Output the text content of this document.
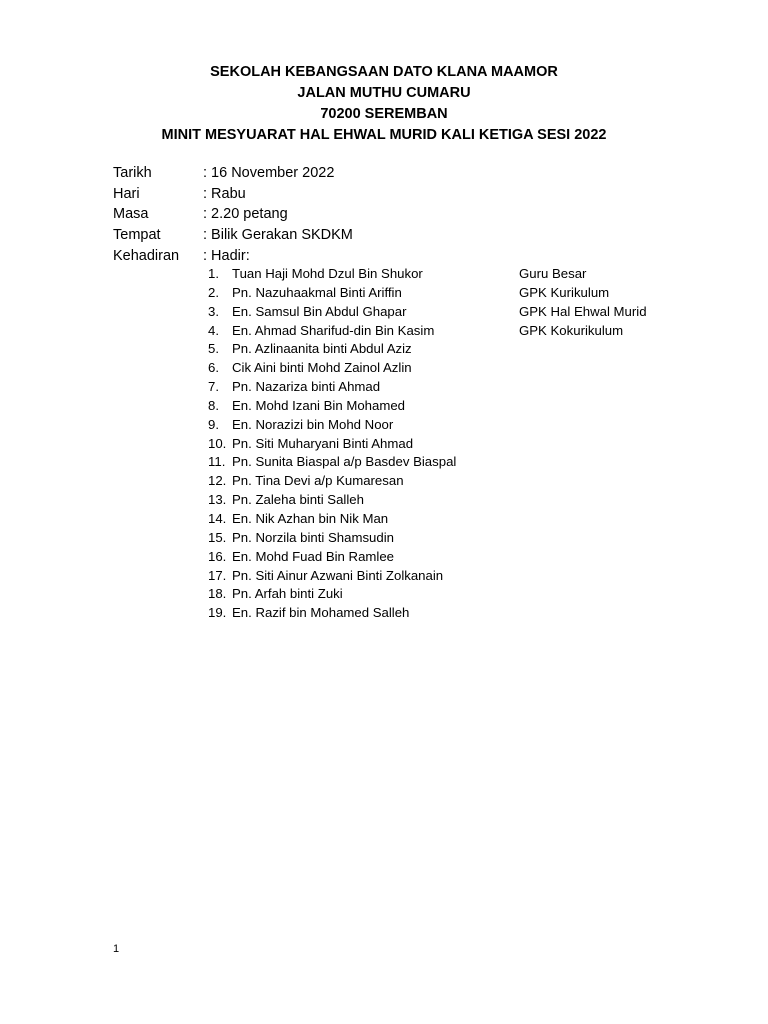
SEKOLAH KEBANGSAAN DATO KLANA MAAMOR
JALAN MUTHU CUMARU
70200 SEREMBAN
MINIT MESYUARAT HAL EHWAL MURID KALI KETIGA SESI 2022
Tarikh	: 16 November 2022
Hari	: Rabu
Masa	: 2.20 petang
Tempat	: Bilik Gerakan SKDKM
Kehadiran : Hadir:
1. Tuan Haji Mohd Dzul Bin Shukor	Guru Besar
2. Pn. Nazuhaakmal Binti Ariffin	GPK Kurikulum
3. En. Samsul Bin Abdul Ghapar	GPK Hal Ehwal Murid
4. En. Ahmad Sharifud-din Bin Kasim	GPK Kokurikulum
5. Pn. Azlinaanita binti Abdul Aziz
6. Cik Aini binti Mohd Zainol Azlin
7. Pn. Nazariza binti Ahmad
8. En. Mohd Izani Bin Mohamed
9. En. Norazizi bin Mohd Noor
10. Pn. Siti Muharyani Binti Ahmad
11. Pn. Sunita Biaspal a/p Basdev Biaspal
12. Pn. Tina Devi a/p Kumaresan
13. Pn. Zaleha binti Salleh
14. En. Nik Azhan bin Nik Man
15. Pn. Norzila binti Shamsudin
16. En. Mohd Fuad Bin Ramlee
17. Pn. Siti Ainur Azwani Binti Zolkanain
18. Pn. Arfah binti Zuki
19. En. Razif bin Mohamed Salleh
1
